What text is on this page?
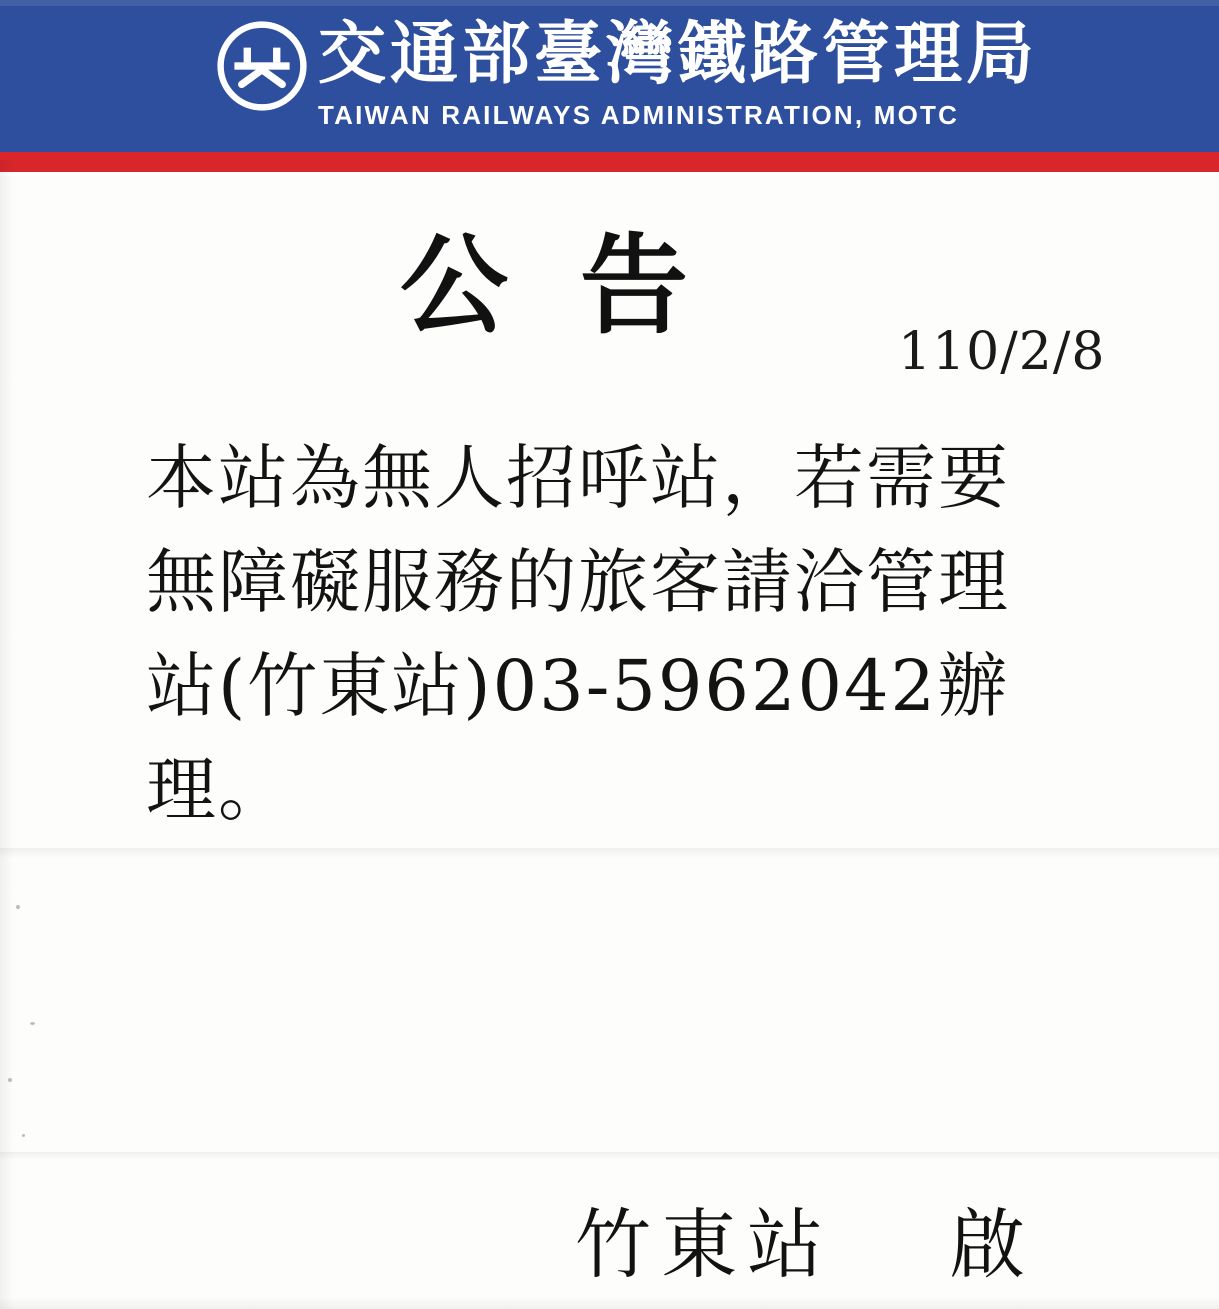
交通部臺灣鐵路管理局
TAIWAN RAILWAYS ADMINISTRATION, MOTC
公告
110/2/8
本站為無人招呼站，若需要無障礙服務的旅客請洽管理站(竹東站)03-5962042辦理。
竹東站 啟
